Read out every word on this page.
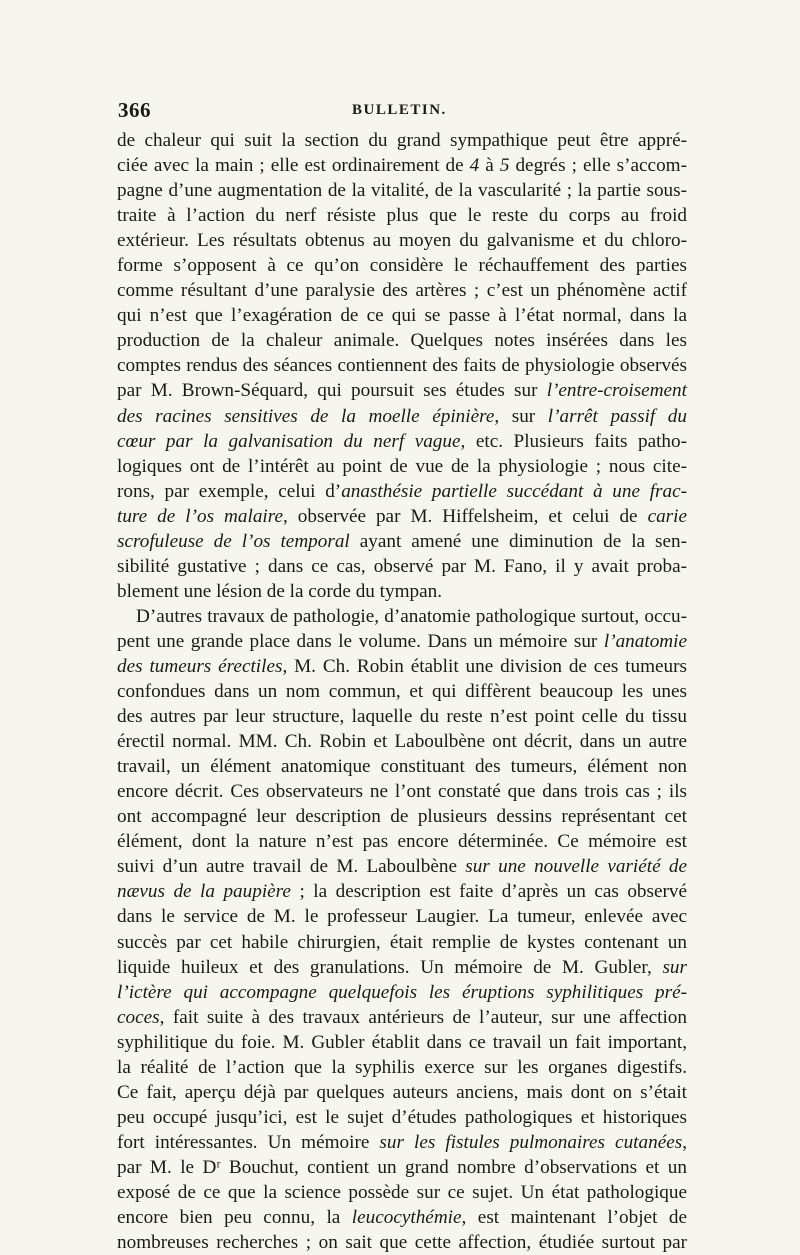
366	BULLETIN.
de chaleur qui suit la section du grand sympathique peut être appré-
ciée avec la main ; elle est ordinairement de 4 à 5 degrés ; elle s’accom-
pagne d’une augmentation de la vitalité, de la vascularité ; la partie sous-
traite à l’action du nerf résiste plus que le reste du corps au froid
extérieur. Les résultats obtenus au moyen du galvanisme et du chloro-
forme s’opposent à ce qu’on considère le réchauffement des parties
comme résultant d’une paralysie des artères ; c’est un phénomène actif
qui n’est que l’exagération de ce qui se passe à l’état normal, dans la
production de la chaleur animale. Quelques notes insérées dans les
comptes rendus des séances contiennent des faits de physiologie observés
par M. Brown-Séquard, qui poursuit ses études sur l’entre-croisement
des racines sensitives de la moelle épinière, sur l’arrêt passif du
cœur par la galvanisation du nerf vague, etc. Plusieurs faits patho-
logiques ont de l’intérêt au point de vue de la physiologie ; nous cite-
rons, par exemple, celui d’anasthésie partielle succédant à une frac-
ture de l’os malaire, observée par M. Hiffelsheim, et celui de carie
scrofuleuse de l’os temporal ayant amené une diminution de la sen-
sibilité gustative ; dans ce cas, observé par M. Fano, il y avait proba-
blement une lésion de la corde du tympan.
D’autres travaux de pathologie, d’anatomie pathologique surtout, occu-
pent une grande place dans le volume. Dans un mémoire sur l’anatomie
des tumeurs érectiles, M. Ch. Robin établit une division de ces tumeurs
confondues dans un nom commun, et qui diffèrent beaucoup les unes
des autres par leur structure, laquelle du reste n’est point celle du tissu
érectil normal. MM. Ch. Robin et Laboulbène ont décrit, dans un autre
travail, un élément anatomique constituant des tumeurs, élément non
encore décrit. Ces observateurs ne l’ont constaté que dans trois cas ; ils
ont accompagné leur description de plusieurs dessins représentant cet
élément, dont la nature n’est pas encore déterminée. Ce mémoire est
suivi d’un autre travail de M. Laboulbène sur une nouvelle variété de
nævus de la paupière ; la description est faite d’après un cas observé
dans le service de M. le professeur Laugier. La tumeur, enlevée avec
succès par cet habile chirurgien, était remplie de kystes contenant un
liquide huileux et des granulations. Un mémoire de M. Gubler, sur
l’ictère qui accompagne quelquefois les éruptions syphilitiques pré-
coces, fait suite à des travaux antérieurs de l’auteur, sur une affection
syphilitique du foie. M. Gubler établit dans ce travail un fait important,
la réalité de l’action que la syphilis exerce sur les organes digestifs.
Ce fait, aperçu déjà par quelques auteurs anciens, mais dont on s’était
peu occupé jusqu’ici, est le sujet d’études pathologiques et historiques
fort intéressantes. Un mémoire sur les fistules pulmonaires cutanées,
par M. le Dʳ Bouchut, contient un grand nombre d’observations et un
exposé de ce que la science possède sur ce sujet. Un état pathologique
encore bien peu connu, la leucocythémie, est maintenant l’objet de
nombreuses recherches ; on sait que cette affection, étudiée surtout par
